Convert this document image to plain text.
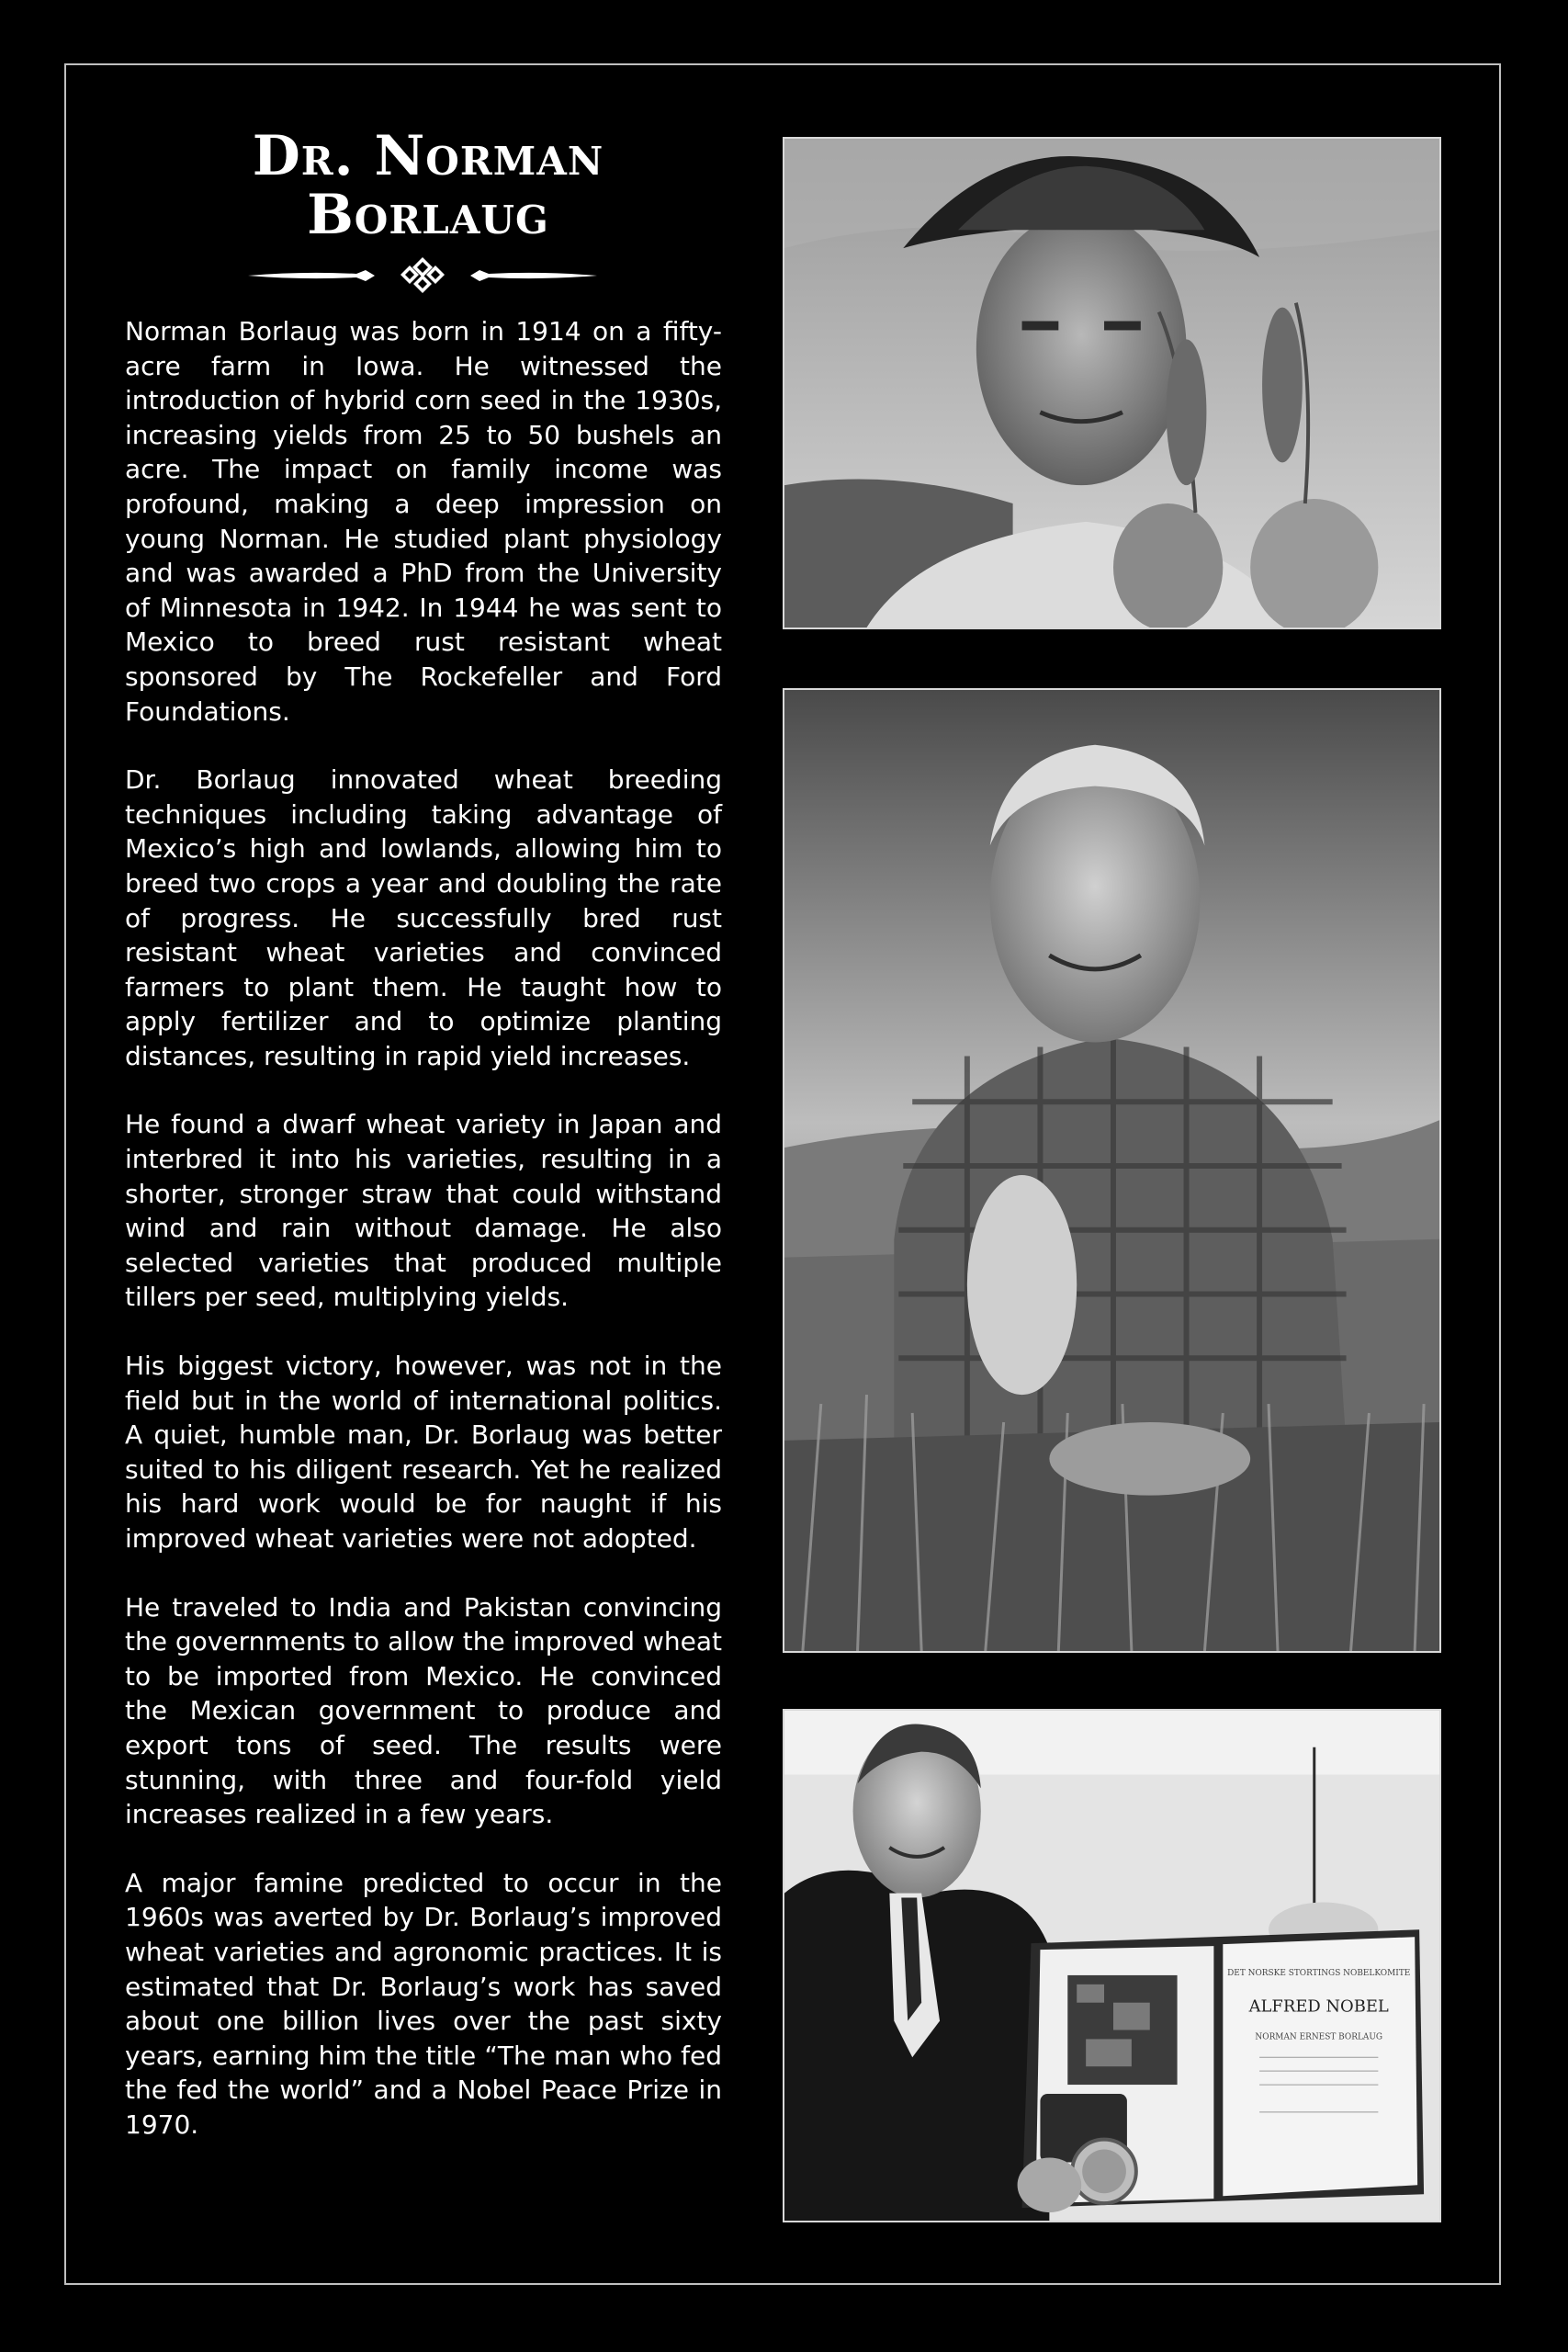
Dr. Norman Borlaug

Norman Borlaug was born in 1914 on a fifty-acre farm in Iowa. He witnessed the introduction of hybrid corn seed in the 1930s, increasing yields from 25 to 50 bushels an acre. The impact on family income was profound, making a deep impression on young Norman. He studied plant physiology and was awarded a PhD from the University of Minnesota in 1942. In 1944 he was sent to Mexico to breed rust resistant wheat sponsored by The Rockefeller and Ford Foundations.

Dr. Borlaug innovated wheat breeding techniques including taking advantage of Mexico’s high and lowlands, allowing him to breed two crops a year and doubling the rate of progress. He successfully bred rust resistant wheat varieties and convinced farmers to plant them. He taught how to apply fertilizer and to optimize planting distances, resulting in rapid yield increases.

He found a dwarf wheat variety in Japan and interbred it into his varieties, resulting in a shorter, stronger straw that could withstand wind and rain without damage. He also selected varieties that produced multiple tillers per seed, multiplying yields.

His biggest victory, however, was not in the field but in the world of international politics. A quiet, humble man, Dr. Borlaug was better suited to his diligent research. Yet he realized his hard work would be for naught if his improved wheat varieties were not adopted.

He traveled to India and Pakistan convincing the governments to allow the improved wheat to be imported from Mexico. He convinced the Mexican government to produce and export tons of seed. The results were stunning, with three and four-fold yield increases realized in a few years.

A major famine predicted to occur in the 1960s was averted by Dr. Borlaug’s improved wheat varieties and agronomic practices. It is estimated that Dr. Borlaug’s work has saved about one billion lives over the past sixty years, earning him the title “The man who fed the fed the world” and a Nobel Peace Prize in 1970.

DET NORSKE STORTINGS NOBELKOMITE
ALFRED NOBEL
NORMAN ERNEST BORLAUG
